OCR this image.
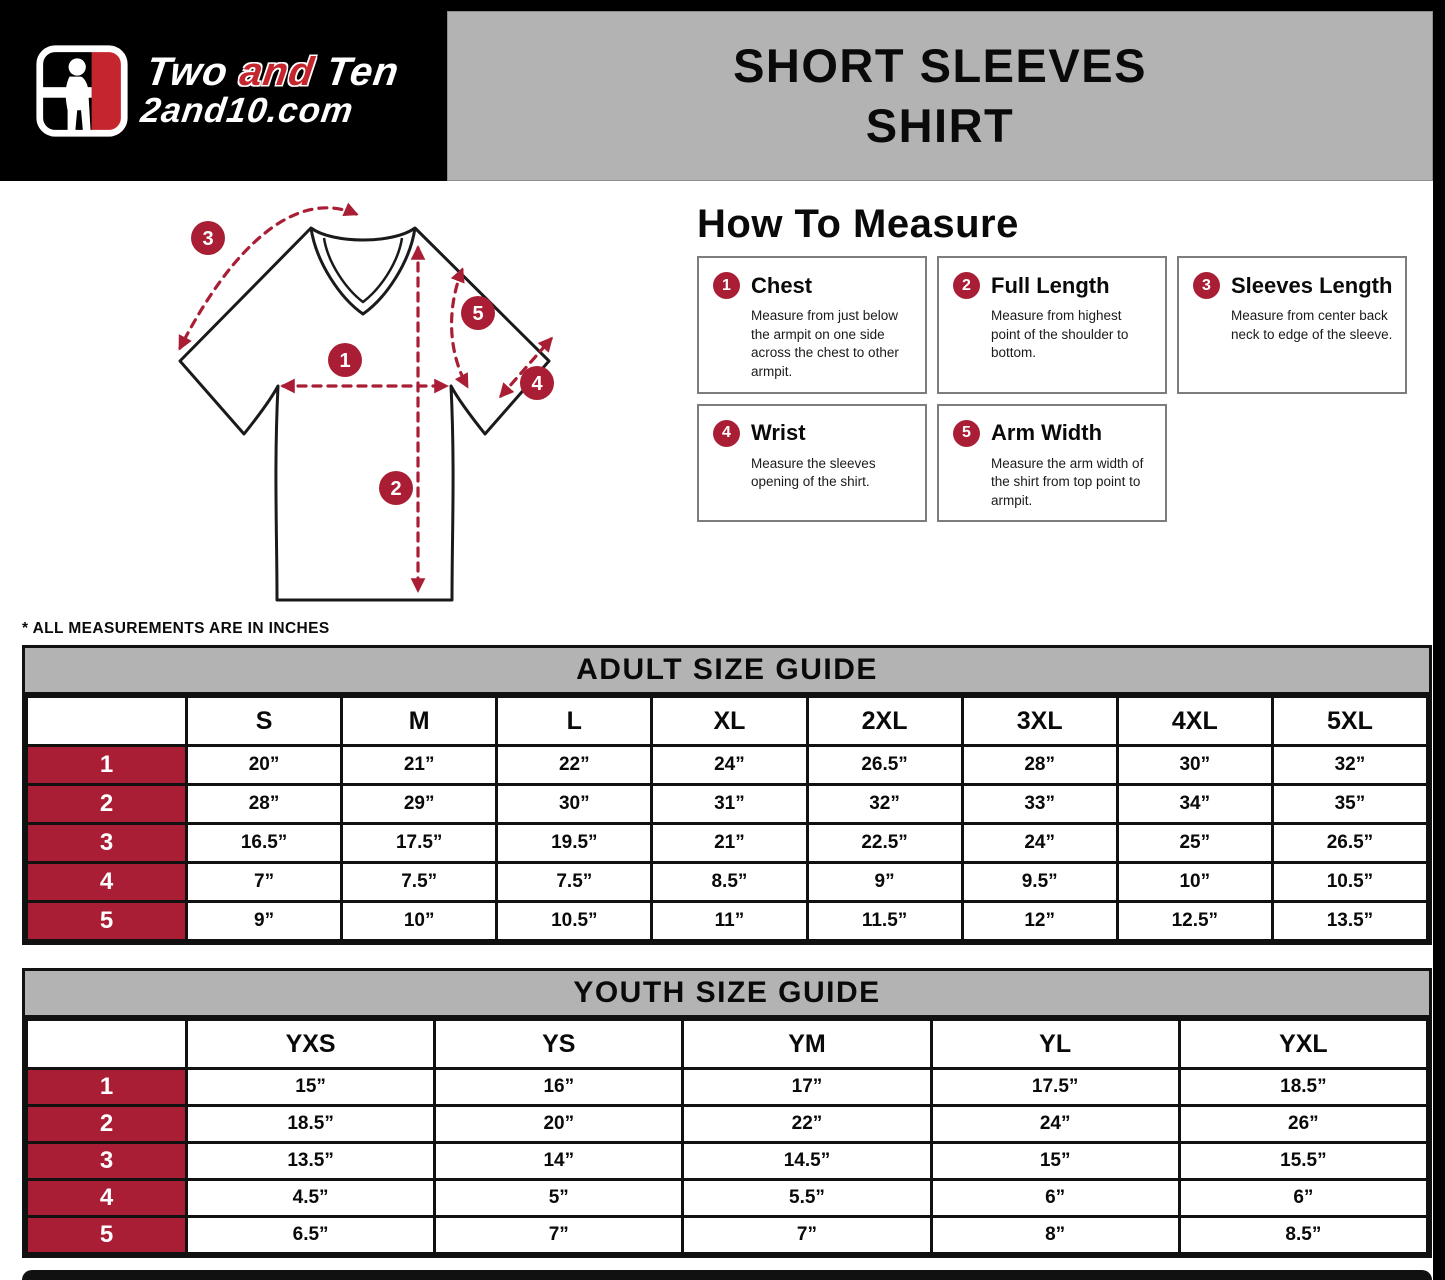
Two and Ten
2and10.com
SHORT SLEEVES
SHIRT
1
2
3
4
5
How To Measure
1 Chest
Measure from just below the armpit on one side across the chest to other armpit.
2 Full Length
Measure from highest point of the shoulder to bottom.
3 Sleeves Length
Measure from center back neck to edge of the sleeve.
4 Wrist
Measure the sleeves opening of the shirt.
5 Arm Width
Measure the arm width of the shirt from top point to armpit.
* ALL MEASUREMENTS ARE IN INCHES
ADULT SIZE GUIDE
	S	M	L	XL	2XL	3XL	4XL	5XL
1	20”	21”	22”	24”	26.5”	28”	30”	32”
2	28”	29”	30”	31”	32”	33”	34”	35”
3	16.5”	17.5”	19.5”	21”	22.5”	24”	25”	26.5”
4	7”	7.5”	7.5”	8.5”	9”	9.5”	10”	10.5”
5	9”	10”	10.5”	11”	11.5”	12”	12.5”	13.5”
YOUTH SIZE GUIDE
	YXS	YS	YM	YL	YXL
1	15”	16”	17”	17.5”	18.5”
2	18.5”	20”	22”	24”	26”
3	13.5”	14”	14.5”	15”	15.5”
4	4.5”	5”	5.5”	6”	6”
5	6.5”	7”	7”	8”	8.5”
